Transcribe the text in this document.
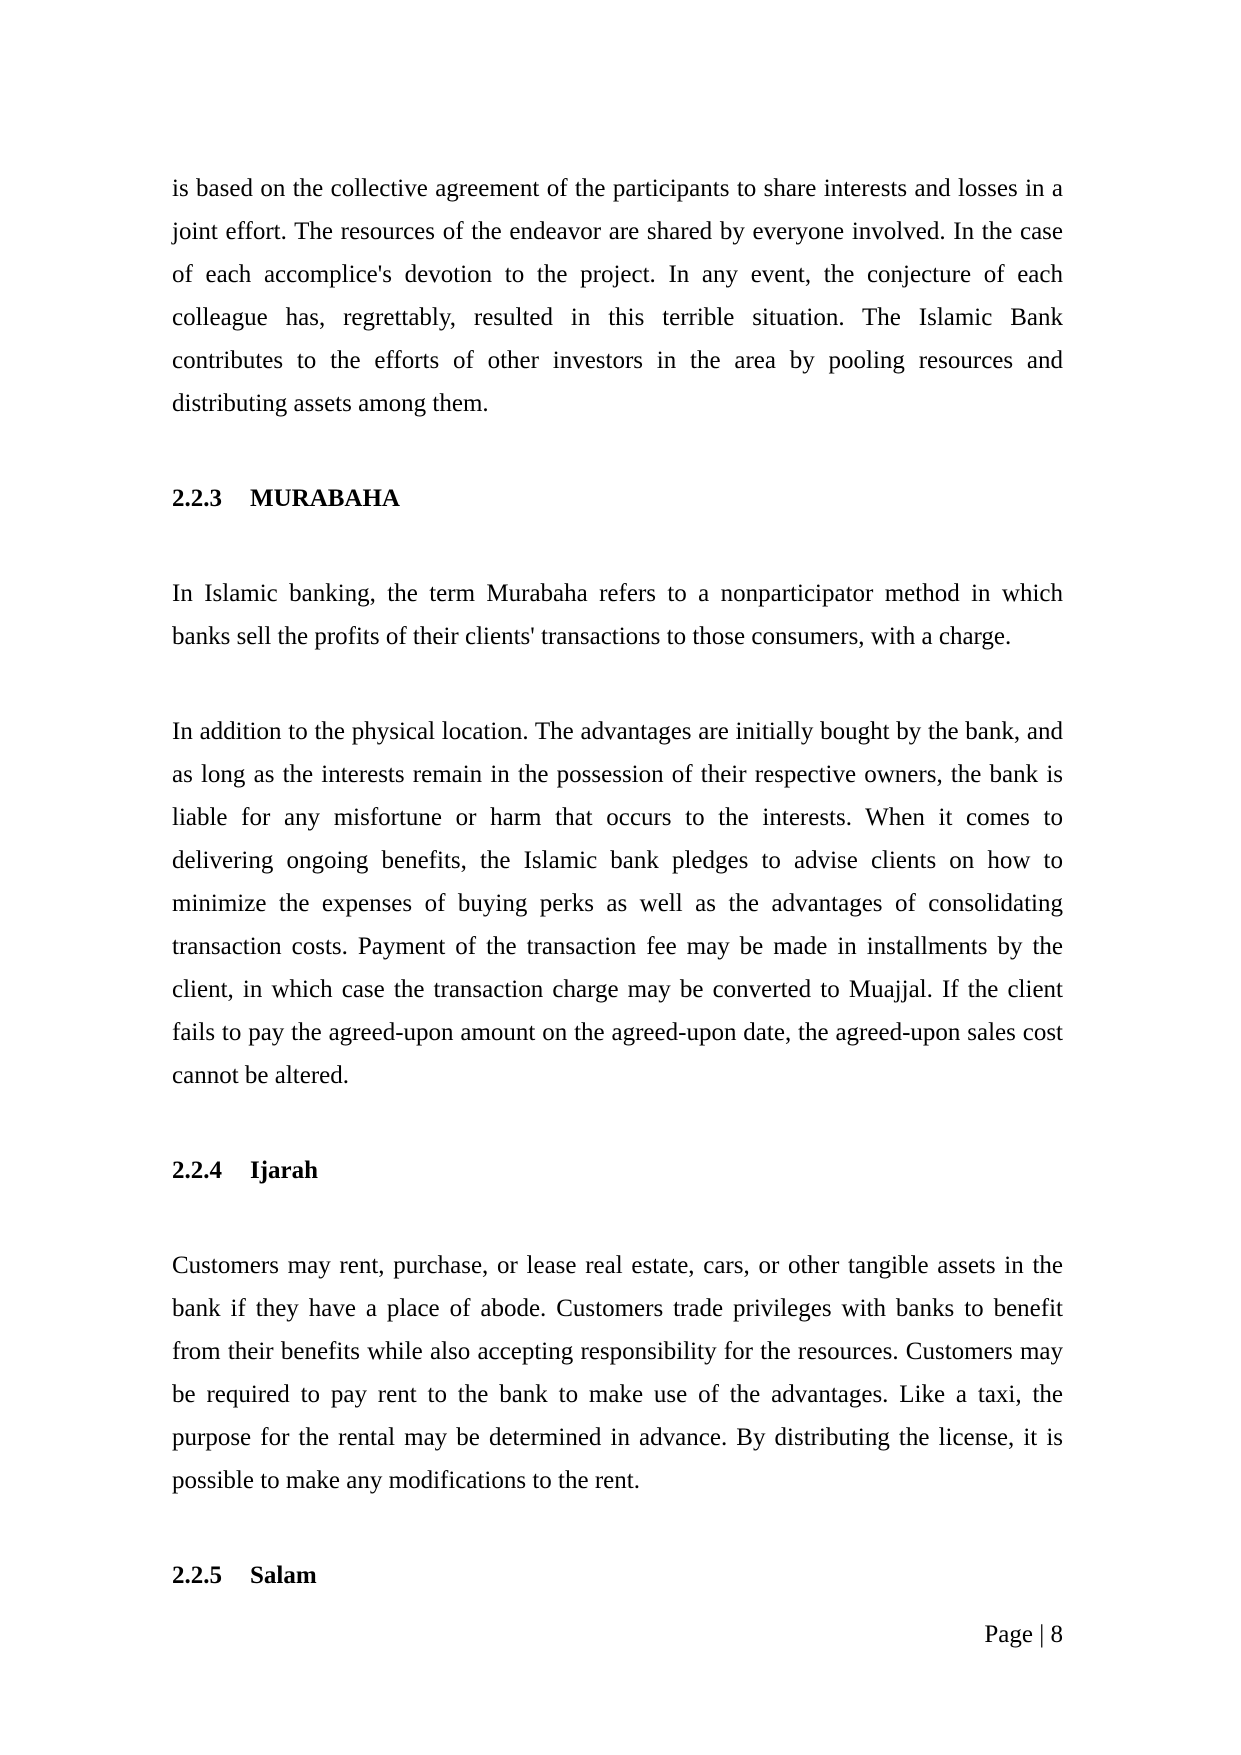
is based on the collective agreement of the participants to share interests and losses in a joint effort. The resources of the endeavor are shared by everyone involved. In the case of each accomplice's devotion to the project. In any event, the conjecture of each colleague has, regrettably, resulted in this terrible situation. The Islamic Bank contributes to the efforts of other investors in the area by pooling resources and distributing assets among them.

2.2.3 MURABAHA

In Islamic banking, the term Murabaha refers to a nonparticipator method in which banks sell the profits of their clients' transactions to those consumers, with a charge.

In addition to the physical location. The advantages are initially bought by the bank, and as long as the interests remain in the possession of their respective owners, the bank is liable for any misfortune or harm that occurs to the interests. When it comes to delivering ongoing benefits, the Islamic bank pledges to advise clients on how to minimize the expenses of buying perks as well as the advantages of consolidating transaction costs. Payment of the transaction fee may be made in installments by the client, in which case the transaction charge may be converted to Muajjal. If the client fails to pay the agreed-upon amount on the agreed-upon date, the agreed-upon sales cost cannot be altered.

2.2.4 Ijarah

Customers may rent, purchase, or lease real estate, cars, or other tangible assets in the bank if they have a place of abode. Customers trade privileges with banks to benefit from their benefits while also accepting responsibility for the resources. Customers may be required to pay rent to the bank to make use of the advantages. Like a taxi, the purpose for the rental may be determined in advance. By distributing the license, it is possible to make any modifications to the rent.

2.2.5 Salam
Page | 8
